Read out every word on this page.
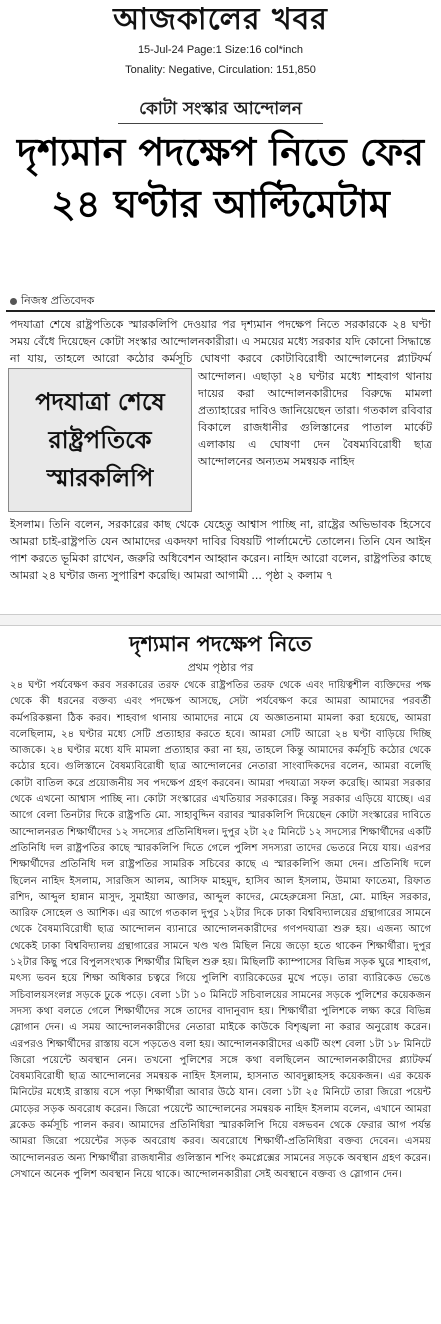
আজকালের খবর
15-Jul-24 Page:1 Size:16 col*inch
Tonality: Negative, Circulation: 151,850
কোটা সংস্কার আন্দোলন
দৃশ্যমান পদক্ষেপ নিতে ফের ২৪ ঘণ্টার আল্টিমেটাম
নিজস্ব প্রতিবেদক
পদযাত্রা শেষে রাষ্ট্রপতিকে স্মারকলিপি দেওয়ার পর দৃশ্যমান পদক্ষেপ নিতে সরকারকে ২৪ ঘণ্টা সময় বেঁধে দিয়েছেন কোটা সংস্কার আন্দোলনকারীরা। এ সময়ের মধ্যে সরকার যদি কোনো সিদ্ধান্তে না যায়, তাহলে আরো কঠোর কর্মসূচি ঘোষণা করবে কোটাবিরোধী আন্দোলনের প্ল্যাটফর্ম
পদযাত্রা শেষে রাষ্ট্রপতিকে স্মারকলিপি
আন্দোলন। এছাড়া ২৪ ঘণ্টার মধ্যে শাহবাগ থানায় দায়ের করা আন্দোলনকারীদের বিরুদ্ধে মামলা প্রত্যাহারের দাবিও জানিয়েছেন তারা। গতকাল রবিবার বিকালে রাজধানীর গুলিস্তানের পাতাল মার্কেট এলাকায় এ ঘোষণা দেন বৈষম্যবিরোধী ছাত্র আন্দোলনের অন্যতম সমন্বয়ক নাহিদ
ইসলাম। তিনি বলেন, সরকারের কাছ থেকে যেহেতু আশ্বাস পাচ্ছি না, রাষ্ট্রের অভিভাবক হিসেবে আমরা চাই-রাষ্ট্রপতি যেন আমাদের একদফা দাবির বিষয়টি পার্লামেন্টে তোলেন। তিনি যেন আইন পাশ করতে ভূমিকা রাখেন, জরুরি অধিবেশন আহ্বান করেন। নাহিদ আরো বলেন, রাষ্ট্রপতির কাছে আমরা ২৪ ঘণ্টার জন্য সুপারিশ করেছি। আমরা আগামী ... পৃষ্ঠা ২ কলাম ৭
দৃশ্যমান পদক্ষেপ নিতে
প্রথম পৃষ্ঠার পর
২৪ ঘণ্টা পর্যবেক্ষণ করব সরকারের তরফ থেকে রাষ্ট্রপতির তরফ থেকে এবং দায়িত্বশীল ব্যক্তিদের পক্ষ থেকে কী ধরনের বক্তব্য এবং পদক্ষেপ আসছে, সেটা পর্যবেক্ষণ করে আমরা আমাদের পরবর্তী কর্মপরিকল্পনা ঠিক করব। শাহবাগ থানায় আমাদের নামে যে অজ্ঞাতনামা মামলা করা হয়েছে, আমরা বলেছিলাম, ২৪ ঘণ্টার মধ্যে সেটি প্রত্যাহার করতে হবে। আমরা সেটি আরো ২৪ ঘণ্টা বাড়িয়ে দিচ্ছি আজকে। ২৪ ঘণ্টার মধ্যে যদি মামলা প্রত্যাহার করা না হয়, তাহলে কিন্তু আমাদের কর্মসূচি কঠোর থেকে কঠোর হবে। গুলিস্তানে বৈষম্যবিরোধী ছাত্র আন্দোলনের নেতারা সাংবাদিকদের বলেন, আমরা বলেছি কোটা বাতিল করে প্রয়োজনীয় সব পদক্ষেপ গ্রহণ করবেন। আমরা পদযাত্রা সফল করেছি। আমরা সরকার থেকে এখনো আশ্বাস পাচ্ছি না। কোটা সংস্কারের এখতিয়ার সরকারের। কিন্তু সরকার এড়িয়ে যাচ্ছে। এর আগে বেলা তিনটার দিকে রাষ্ট্রপতি মো. সাহাবুদ্দিন বরাবর স্মারকলিপি দিয়েছেন কোটা সংস্কারের দাবিতে আন্দোলনরত শিক্ষার্থীদের ১২ সদস্যের প্রতিনিধিদল। দুপুর ২টা ২৫ মিনিটে ১২ সদস্যের শিক্ষার্থীদের একটি প্রতিনিধি দল রাষ্ট্রপতির কাছে স্মারকলিপি দিতে গেলে পুলিশ সদস্যরা তাদের ভেতরে নিয়ে যায়। এরপর শিক্ষার্থীদের প্রতিনিধি দল রাষ্ট্রপতির সামরিক সচিবের কাছে এ স্মারকলিপি জমা দেন। প্রতিনিধি দলে ছিলেন নাহিদ ইসলাম, সারজিস আলম, আসিফ মাহমুদ, হাসিব আল ইসলাম, উমামা ফাতেমা, রিফাত রশিদ, আব্দুল হান্নান মাসুদ, সুমাইয়া আক্তার, আব্দুল কাদের, মেহেরুন্নেসা নিদ্রা, মো. মাহিন সরকার, আরিফ সোহেল ও আশিক। এর আগে গতকাল দুপুর ১২টার দিকে ঢাকা বিশ্ববিদ্যালয়ের গ্রন্থাগারের সামনে থেকে বৈষম্যবিরোধী ছাত্র আন্দোলন ব্যানারে আন্দোলনকারীদের গণপদযাত্রা শুরু হয়। এজন্য আগে থেকেই ঢাকা বিশ্ববিদ্যালয় গ্রন্থাগারের সামনে খণ্ড খণ্ড মিছিল নিয়ে জড়ো হতে থাকেন শিক্ষার্থীরা। দুপুর ১২টার কিছু পরে বিপুলসংখ্যক শিক্ষার্থীর মিছিল শুরু হয়। মিছিলটি ক্যাম্পাসের বিভিন্ন সড়ক ঘুরে শাহবাগ, মৎস্য ভবন হয়ে শিক্ষা অধিকার চত্বরে গিয়ে পুলিশি ব্যারিকেডের মুখে পড়ে। তারা ব্যারিকেড ভেঙে সচিবালয়সংলগ্ন সড়কে ঢুকে পড়ে। বেলা ১টা ১০ মিনিটে সচিবালয়ের সামনের সড়কে পুলিশের কয়েকজন সদস্য কথা বলতে গেলে শিক্ষার্থীদের সঙ্গে তাদের বাদানুবাদ হয়। শিক্ষার্থীরা পুলিশকে লক্ষ্য করে বিভিন্ন স্লোগান দেন। এ সময় আন্দোলনকারীদের নেতারা মাইকে কাউকে বিশৃঙ্খলা না করার অনুরোধ করেন। এরপরও শিক্ষার্থীদের রাস্তায় বসে পড়তেও বলা হয়। আন্দোলনকারীদের একটি অংশ বেলা ১টা ১৮ মিনিটে জিরো পয়েন্টে অবস্থান নেন। তখনো পুলিশের সঙ্গে কথা বলছিলেন আন্দোলনকারীদের প্ল্যাটফর্ম বৈষম্যবিরোধী ছাত্র আন্দোলনের সমন্বয়ক নাহিদ ইসলাম, হাসনাত আবদুল্লাহসহ কয়েকজন। এর কয়েক মিনিটের মধ্যেই রাস্তায় বসে পড়া শিক্ষার্থীরা আবার উঠে যান। বেলা ১টা ২৫ মিনিটে তারা জিরো পয়েন্ট মোড়ের সড়ক অবরোধ করেন। জিরো পয়েন্টে আন্দোলনের সমন্বয়ক নাহিদ ইসলাম বলেন, এখানে আমরা ব্লকেড কর্মসূচি পালন করব। আমাদের প্রতিনিধিরা স্মারকলিপি দিয়ে বঙ্গভবন থেকে ফেরার আগ পর্যন্ত আমরা জিরো পয়েন্টের সড়ক অবরোধ করব। অবরোধে শিক্ষার্থী-প্রতিনিধিরা বক্তব্য দেবেন। এসময় আন্দোলনরত অন্য শিক্ষার্থীরা রাজধানীর গুলিস্তান শপিং কমপ্লেক্সের সামনের সড়কে অবস্থান গ্রহণ করেন। সেখানে অনেক পুলিশ অবস্থান নিয়ে থাকে। আন্দোলনকারীরা সেই অবস্থানে বক্তব্য ও স্লোগান দেন।
